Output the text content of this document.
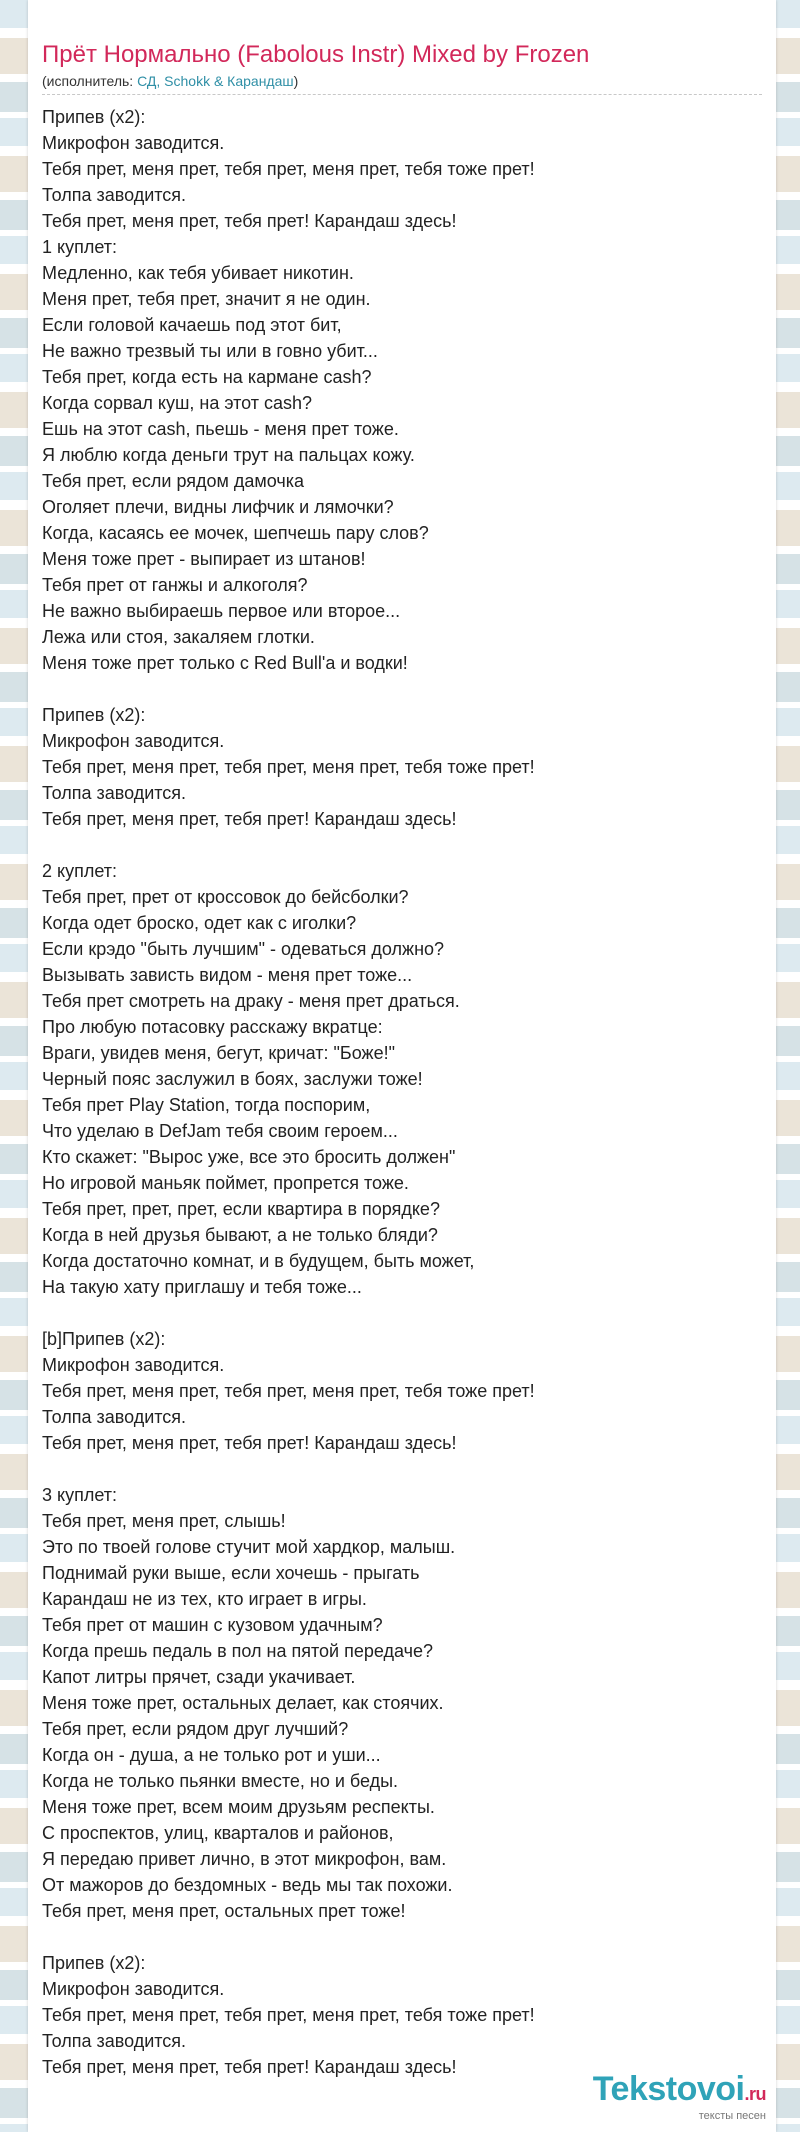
Прёт Нормально (Fabolous Instr) Mixed by Frozen
(исполнитель: СД, Schokk & Карандаш)
Припев (x2):
Микрофон заводится.
Тебя прет, меня прет, тебя прет, меня прет, тебя тоже прет!
Толпа заводится.
Тебя прет, меня прет, тебя прет! Карандаш здесь!
1 куплет:
Медленно, как тебя убивает никотин.
Меня прет, тебя прет, значит я не один.
Если головой качаешь под этот бит,
Не важно трезвый ты или в говно убит...
Тебя прет, когда есть на кармане cash?
Когда сорвал куш, на этот cash?
Ешь на этот cash, пьешь - меня прет тоже.
Я люблю когда деньги трут на пальцах кожу.
Тебя прет, если рядом дамочка
Оголяет плечи, видны лифчик и лямочки?
Когда, касаясь ее мочек, шепчешь пару слов?
Меня тоже прет - выпирает из штанов!
Тебя прет от ганжы и алкоголя?
Не важно выбираешь первое или второе...
Лежа или стоя, закаляем глотки.
Меня тоже прет только с Red Bull'a и водки!
Припев (x2):
Микрофон заводится.
Тебя прет, меня прет, тебя прет, меня прет, тебя тоже прет!
Толпа заводится.
Тебя прет, меня прет, тебя прет! Карандаш здесь!
2 куплет:
Тебя прет, прет от кроссовок до бейсболки?
Когда одет броско, одет как с иголки?
Если крэдо "быть лучшим" - одеваться должно?
Вызывать зависть видом - меня прет тоже...
Тебя прет смотреть на драку - меня прет драться.
Про любую потасовку расскажу вкратце:
Враги, увидев меня, бегут, кричат: "Боже!"
Черный пояс заслужил в боях, заслужи тоже!
Тебя прет Play Station, тогда поспорим,
Что уделаю в DefJam тебя своим героем...
Кто скажет: "Вырос уже, все это бросить должен"
Но игровой маньяк поймет, пропрется тоже.
Тебя прет, прет, прет, если квартира в порядке?
Когда в ней друзья бывают, а не только бляди?
Когда достаточно комнат, и в будущем, быть может,
На такую хату приглашу и тебя тоже...
[b]Припев (x2):
Микрофон заводится.
Тебя прет, меня прет, тебя прет, меня прет, тебя тоже прет!
Толпа заводится.
Тебя прет, меня прет, тебя прет! Карандаш здесь!
3 куплет:
Тебя прет, меня прет, слышь!
Это по твоей голове стучит мой хардкор, малыш.
Поднимай руки выше, если хочешь - прыгать
Карандаш не из тех, кто играет в игры.
Тебя прет от машин с кузовом удачным?
Когда прешь педаль в пол на пятой передаче?
Капот литры прячет, сзади укачивает.
Меня тоже прет, остальных делает, как стоячих.
Тебя прет, если рядом друг лучший?
Когда он - душа, а не только рот и уши...
Когда не только пьянки вместе, но и беды.
Меня тоже прет, всем моим друзьям респекты.
С проспектов, улиц, кварталов и районов,
Я передаю привет лично, в этот микрофон, вам.
От мажоров до бездомных - ведь мы так похожи.
Тебя прет, меня прет, остальных прет тоже!
Припев (x2):
Микрофон заводится.
Тебя прет, меня прет, тебя прет, меня прет, тебя тоже прет!
Толпа заводится.
Тебя прет, меня прет, тебя прет! Карандаш здесь!
Tekstovoi.ru
тексты песен
